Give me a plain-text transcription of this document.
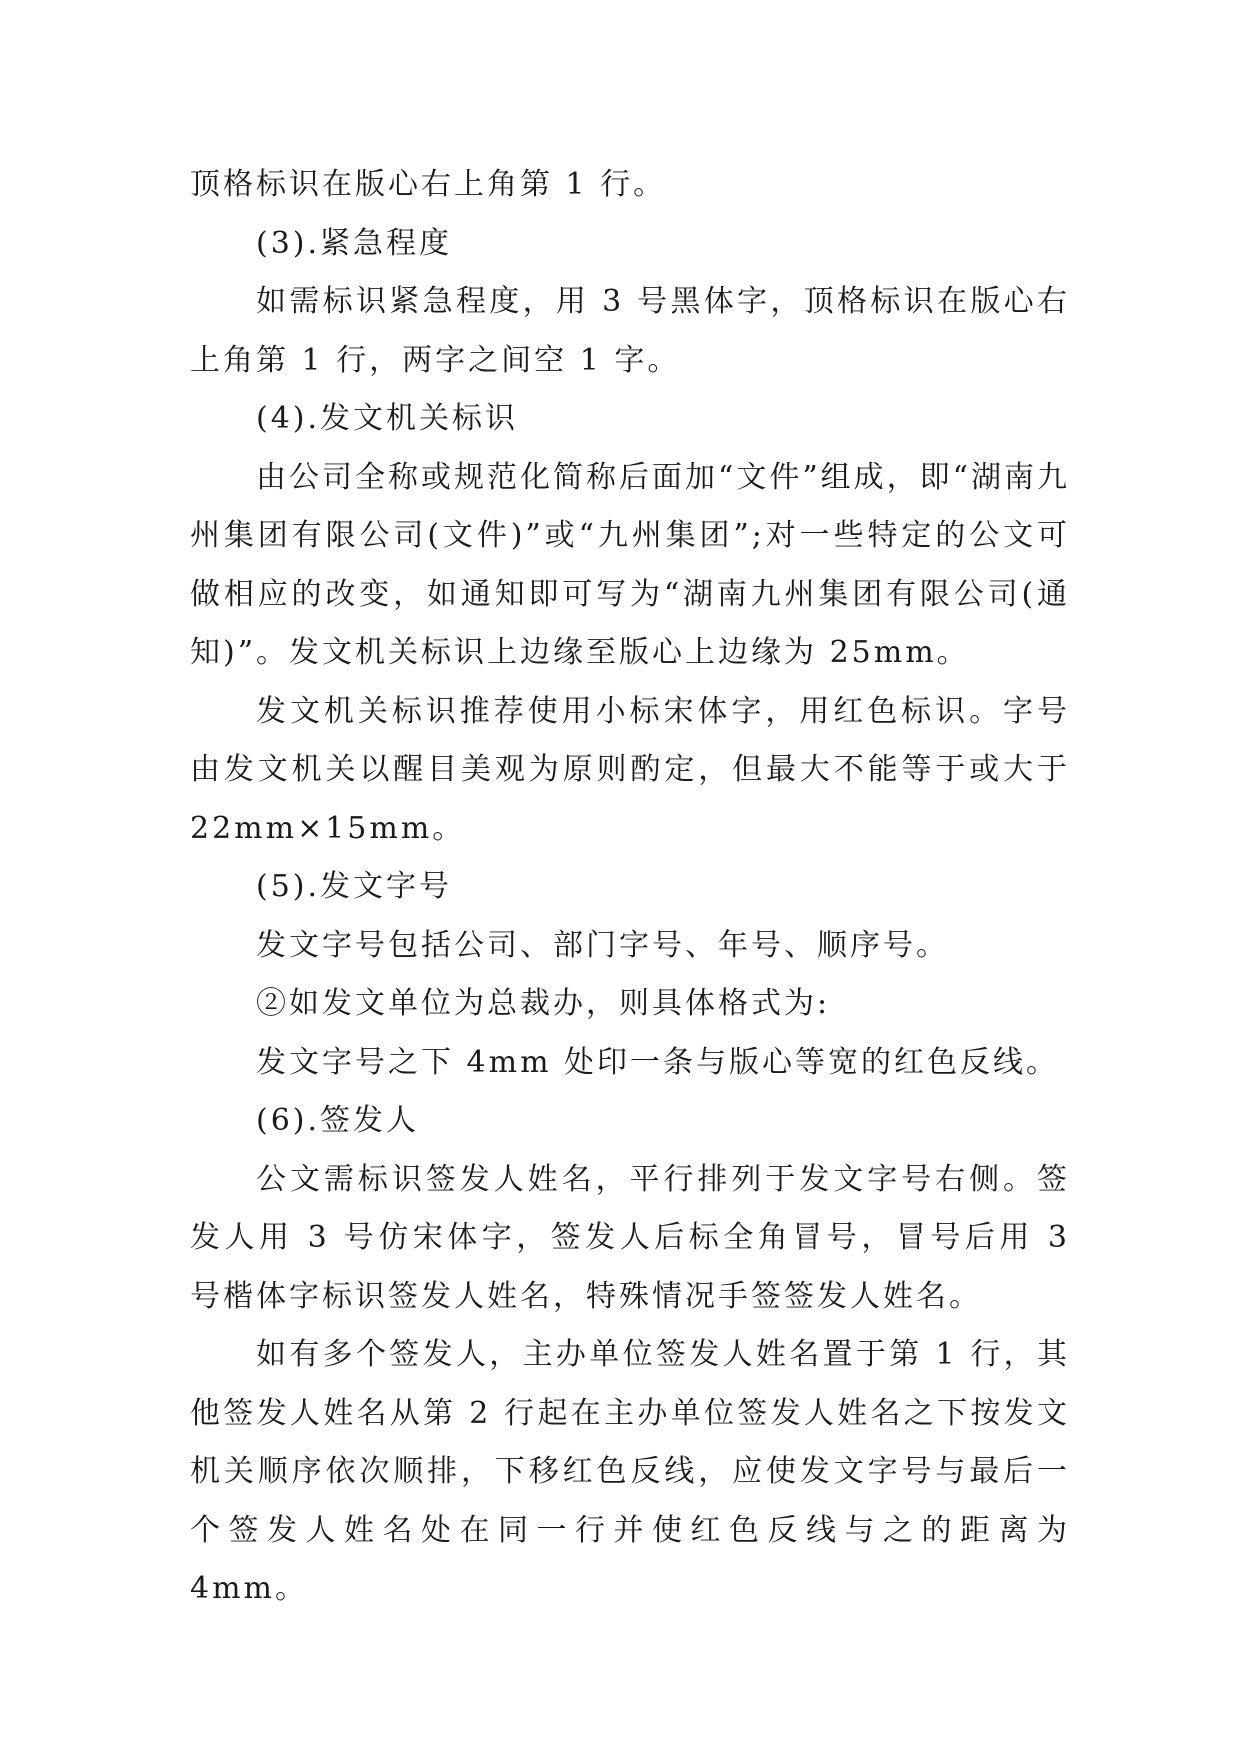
顶格标识在版心右上角第 1 行。

(3).紧急程度

如需标识紧急程度，用 3 号黑体字，顶格标识在版心右上角第 1 行，两字之间空 1 字。

(4).发文机关标识

由公司全称或规范化简称后面加“文件”组成，即“湖南九州集团有限公司(文件)”或“九州集团”;对一些特定的公文可做相应的改变，如通知即可写为“湖南九州集团有限公司(通知)”。发文机关标识上边缘至版心上边缘为 25mm。

发文机关标识推荐使用小标宋体字，用红色标识。字号由发文机关以醒目美观为原则酌定，但最大不能等于或大于 22mm×15mm。

(5).发文字号

发文字号包括公司、部门字号、年号、顺序号。

②如发文单位为总裁办，则具体格式为:

发文字号之下 4mm 处印一条与版心等宽的红色反线。

(6).签发人

公文需标识签发人姓名，平行排列于发文字号右侧。签发人用 3 号仿宋体字，签发人后标全角冒号，冒号后用 3 号楷体字标识签发人姓名，特殊情况手签签发人姓名。

如有多个签发人，主办单位签发人姓名置于第 1 行，其他签发人姓名从第 2 行起在主办单位签发人姓名之下按发文机关顺序依次顺排，下移红色反线，应使发文字号与最后一个签发人姓名处在同一行并使红色反线与之的距离为 4mm。
